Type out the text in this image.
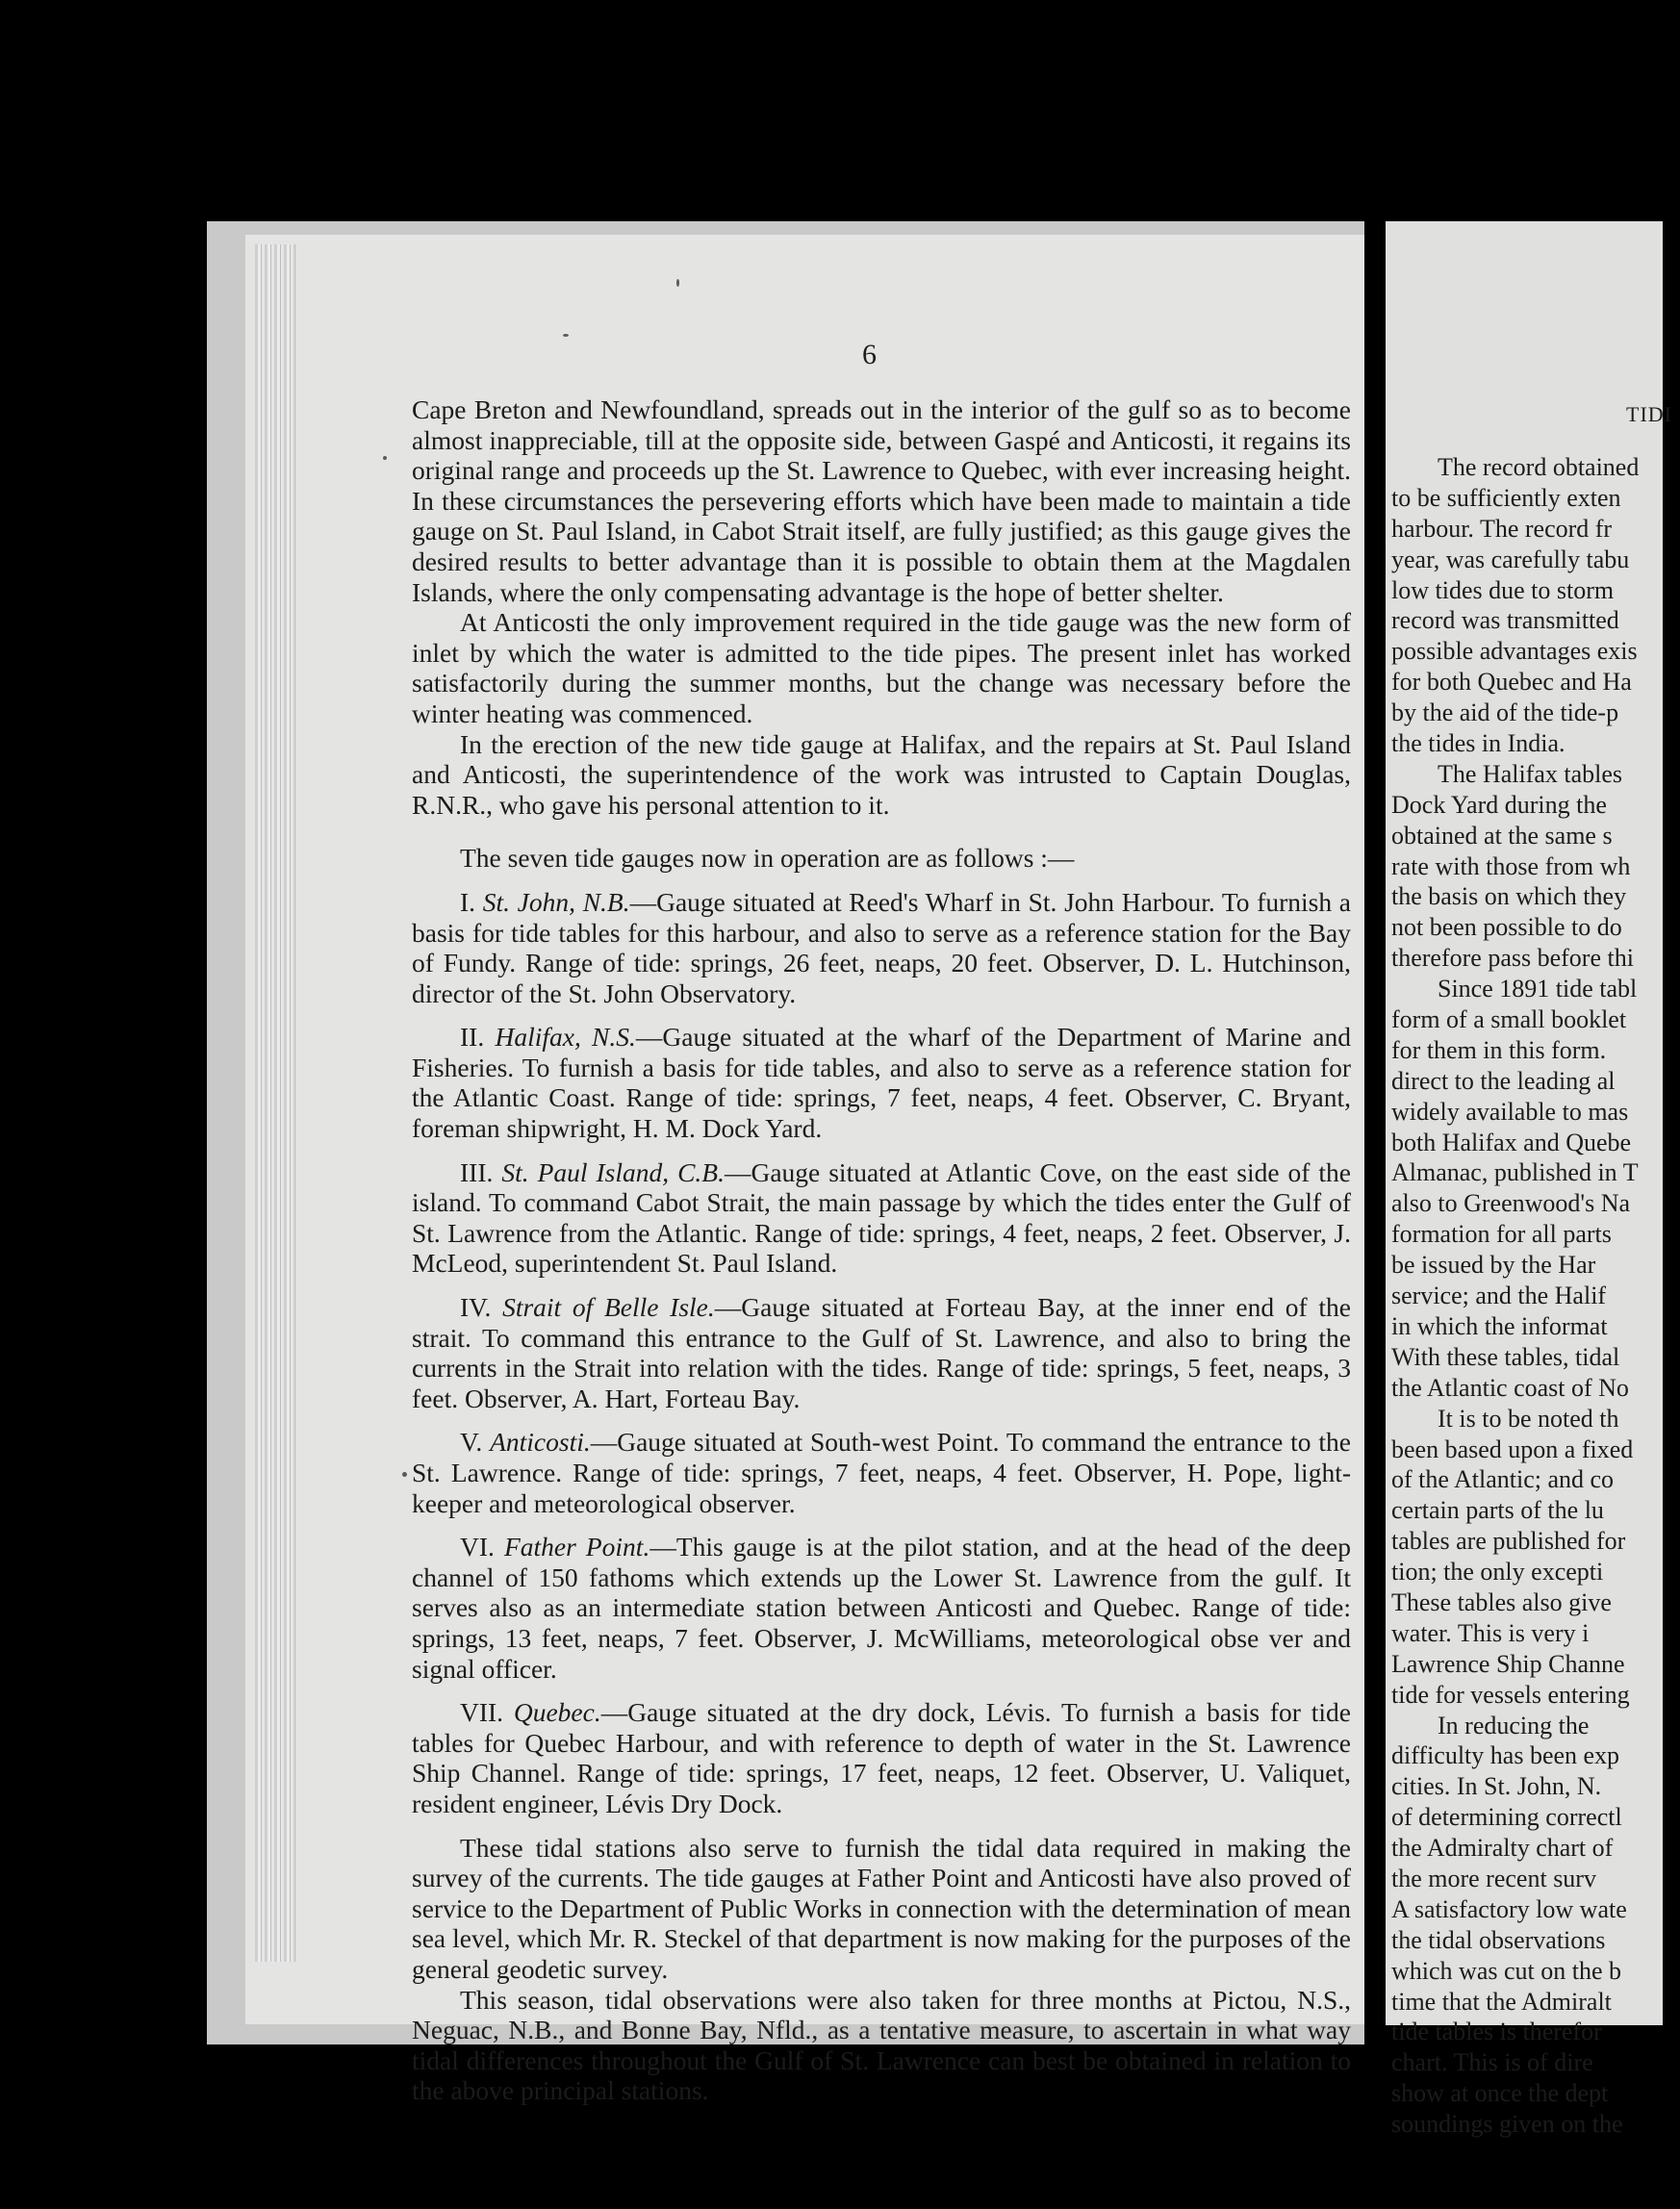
6

Cape Breton and Newfoundland, spreads out in the interior of the gulf so as to become almost inappreciable, till at the opposite side, between Gaspé and Anticosti, it regains its original range and proceeds up the St. Lawrence to Quebec, with ever increasing height. In these circumstances the persevering efforts which have been made to maintain a tide gauge on St. Paul Island, in Cabot Strait itself, are fully justified; as this gauge gives the desired results to better advantage than it is possible to obtain them at the Magdalen Islands, where the only compensating advantage is the hope of better shelter.

At Anticosti the only improvement required in the tide gauge was the new form of inlet by which the water is admitted to the tide pipes. The present inlet has worked satisfactorily during the summer months, but the change was necessary before the winter heating was commenced.

In the erection of the new tide gauge at Halifax, and the repairs at St. Paul Island and Anticosti, the superintendence of the work was intrusted to Captain Douglas, R.N.R., who gave his personal attention to it.

The seven tide gauges now in operation are as follows :—

I. St. John, N.B.—Gauge situated at Reed's Wharf in St. John Harbour. To furnish a basis for tide tables for this harbour, and also to serve as a reference station for the Bay of Fundy. Range of tide: springs, 26 feet, neaps, 20 feet. Observer, D. L. Hutchinson, director of the St. John Observatory.

II. Halifax, N.S.—Gauge situated at the wharf of the Department of Marine and Fisheries. To furnish a basis for tide tables, and also to serve as a reference station for the Atlantic Coast. Range of tide: springs, 7 feet, neaps, 4 feet. Observer, C. Bryant, foreman shipwright, H. M. Dock Yard.

III. St. Paul Island, C.B.—Gauge situated at Atlantic Cove, on the east side of the island. To command Cabot Strait, the main passage by which the tides enter the Gulf of St. Lawrence from the Atlantic. Range of tide: springs, 4 feet, neaps, 2 feet. Observer, J. McLeod, superintendent St. Paul Island.

IV. Strait of Belle Isle.—Gauge situated at Forteau Bay, at the inner end of the strait. To command this entrance to the Gulf of St. Lawrence, and also to bring the currents in the Strait into relation with the tides. Range of tide: springs, 5 feet, neaps, 3 feet. Observer, A. Hart, Forteau Bay.

V. Anticosti.—Gauge situated at South-west Point. To command the entrance to the St. Lawrence. Range of tide: springs, 7 feet, neaps, 4 feet. Observer, H. Pope, light-keeper and meteorological observer.

VI. Father Point.—This gauge is at the pilot station, and at the head of the deep channel of 150 fathoms which extends up the Lower St. Lawrence from the gulf. It serves also as an intermediate station between Anticosti and Quebec. Range of tide: springs, 13 feet, neaps, 7 feet. Observer, J. McWilliams, meteorological obse ver and signal officer.

VII. Quebec.—Gauge situated at the dry dock, Lévis. To furnish a basis for tide tables for Quebec Harbour, and with reference to depth of water in the St. Lawrence Ship Channel. Range of tide: springs, 17 feet, neaps, 12 feet. Observer, U. Valiquet, resident engineer, Lévis Dry Dock.

These tidal stations also serve to furnish the tidal data required in making the survey of the currents. The tide gauges at Father Point and Anticosti have also proved of service to the Department of Public Works in connection with the determination of mean sea level, which Mr. R. Steckel of that department is now making for the purposes of the general geodetic survey.

This season, tidal observations were also taken for three months at Pictou, N.S., Neguac, N.B., and Bonne Bay, Nfld., as a tentative measure, to ascertain in what way tidal differences throughout the Gulf of St. Lawrence can best be obtained in relation to the above principal stations.

TIDI
The record obtained
to be sufficiently exten
harbour. The record fr
year, was carefully tabu
low tides due to storm
record was transmitted
possible advantages exis
for both Quebec and Ha
by the aid of the tide-p
the tides in India.
The Halifax tables
Dock Yard during the
obtained at the same s
rate with those from wh
the basis on which they
not been possible to do
therefore pass before thi
Since 1891 tide tabl
form of a small booklet
for them in this form.
direct to the leading al
widely available to mas
both Halifax and Quebe
Almanac, published in T
also to Greenwood's Na
formation for all parts
be issued by the Har
service; and the Halif
in which the informat
With these tables, tidal
the Atlantic coast of No
It is to be noted th
been based upon a fixed
of the Atlantic; and co
certain parts of the lu
tables are published for
tion; the only excepti
These tables also give
water. This is very i
Lawrence Ship Channe
tide for vessels entering
In reducing the
difficulty has been exp
cities. In St. John, N.
of determining correctl
the Admiralty chart of
the more recent surv
A satisfactory low wate
the tidal observations
which was cut on the b
time that the Admiralt
tide tables is therefor
chart. This is of dire
show at once the dept
soundings given on the
